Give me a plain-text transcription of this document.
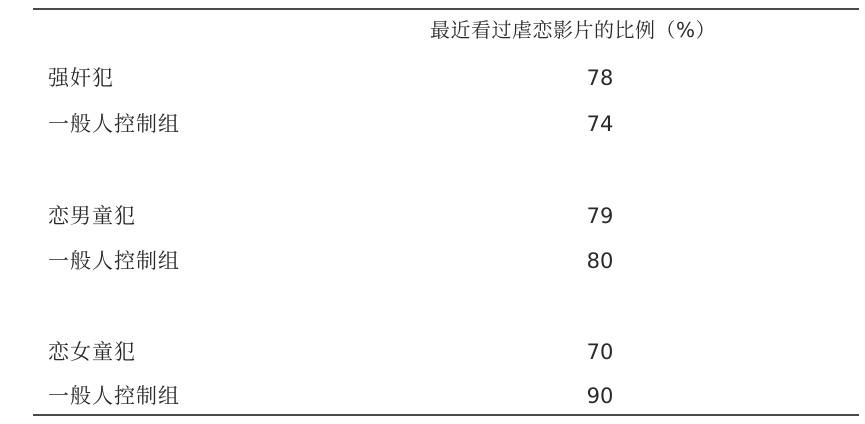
最近看过虐恋影片的比例（%）
强奸犯	78
一般人控制组	74
恋男童犯	79
一般人控制组	80
恋女童犯	70
一般人控制组	90
